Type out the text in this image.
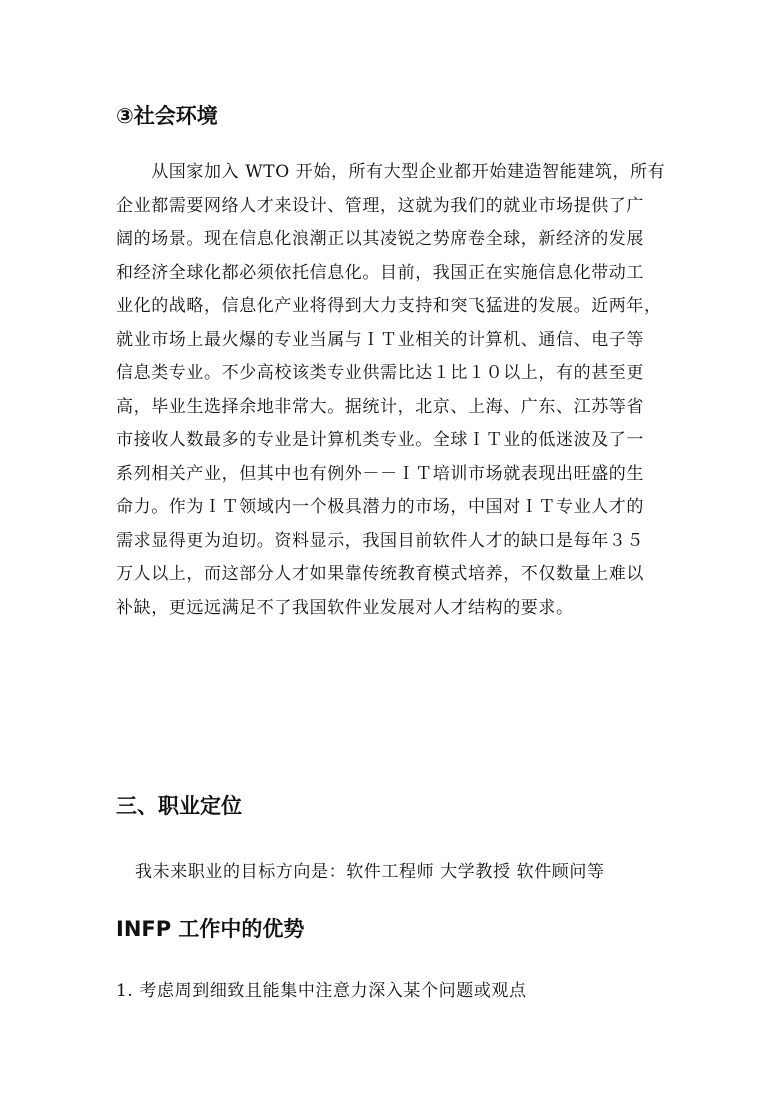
③社会环境
　　从国家加入 WTO 开始，所有大型企业都开始建造智能建筑，所有
企业都需要网络人才来设计、管理，这就为我们的就业市场提供了广
阔的场景。现在信息化浪潮正以其凌锐之势席卷全球，新经济的发展
和经济全球化都必须依托信息化。目前，我国正在实施信息化带动工
业化的战略，信息化产业将得到大力支持和突飞猛进的发展。近两年，
就业市场上最火爆的专业当属与ＩＴ业相关的计算机、通信、电子等
信息类专业。不少高校该类专业供需比达１比１０以上，有的甚至更
高，毕业生选择余地非常大。据统计，北京、上海、广东、江苏等省
市接收人数最多的专业是计算机类专业。全球ＩＴ业的低迷波及了一
系列相关产业，但其中也有例外－－ＩＴ培训市场就表现出旺盛的生
命力。作为ＩＴ领域内一个极具潜力的市场，中国对ＩＴ专业人才的
需求显得更为迫切。资料显示，我国目前软件人才的缺口是每年３５
万人以上，而这部分人才如果靠传统教育模式培养，不仅数量上难以
补缺，更远远满足不了我国软件业发展对人才结构的要求。
三、职业定位
我未来职业的目标方向是：软件工程师 大学教授 软件顾问等
INFP 工作中的优势
1. 考虑周到细致且能集中注意力深入某个问题或观点
